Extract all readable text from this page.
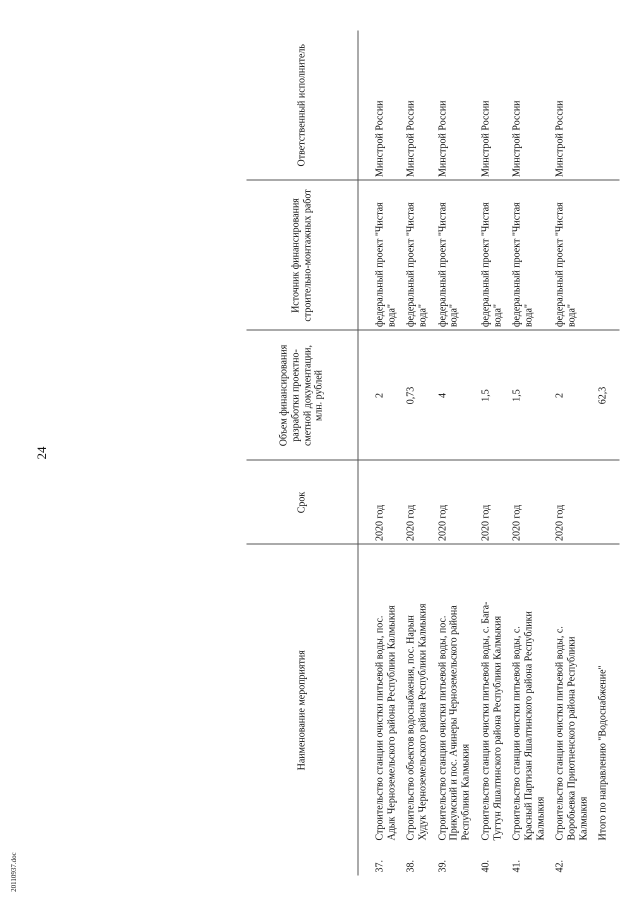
24
Наименование мероприятия	Срок	Объем финансирования разработки проектно-сметной документации, млн. рублей	Источник финансирования строительно-монтажных работ	Ответственный исполнитель
37.Строительство станции очистки питьевой воды, пос. Адык Черноземельского района Республики Калмыкия	2020 год	2	федеральный проект "Чистая вода"	Минстрой России
38.Строительство объектов водоснабжения, пос. Нарын Худук Черноземельского района Республики Калмыкия	2020 год	0,73	федеральный проект "Чистая вода"	Минстрой России
39.Строительство станции очистки питьевой воды, пос. Прикумский и пос. Ачинеры Черноземельского района Республики Калмыкия	2020 год	4	федеральный проект "Чистая вода"	Минстрой России
40.Строительство станции очистки питьевой воды, с. Бага-Тугтун Яшалтинского района Республики Калмыкия	2020 год	1,5	федеральный проект "Чистая вода"	Минстрой России
41.Строительство станции очистки питьевой воды, с. Красный Партизан Яшалтинского района Республики Калмыкия	2020 год	1,5	федеральный проект "Чистая вода"	Минстрой России
42.Строительство станции очистки питьевой воды, с. Воробьевка Приютненского района Республики Калмыкия	2020 год	2	федеральный проект "Чистая вода"	Минстрой России
Итого по направлению "Водоснабжение"		62,3		
20110937.doc
